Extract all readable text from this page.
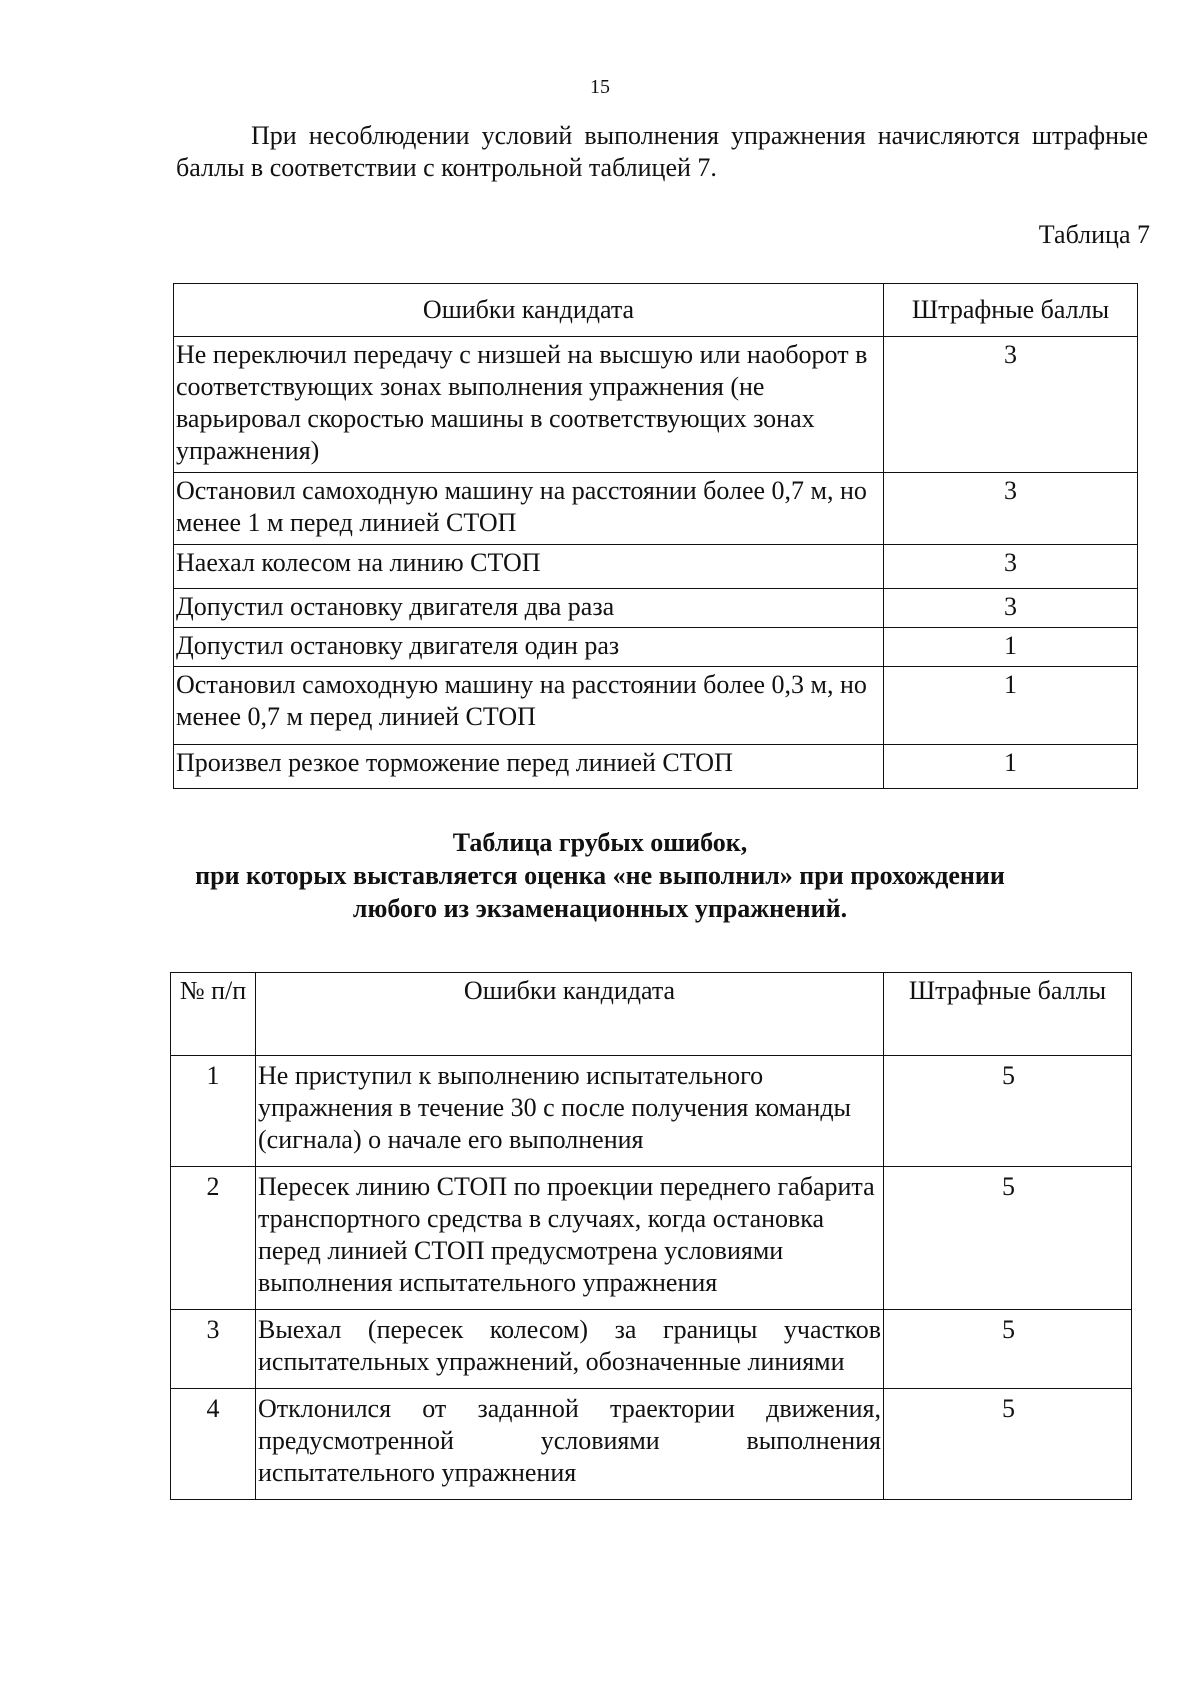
15

При несоблюдении условий выполнения упражнения начисляются штрафные баллы в соответствии с контрольной таблицей 7.

Таблица 7
Ошибки кандидата	Штрафные баллы
Не переключил передачу с низшей на высшую или наоборот в соответствующих зонах выполнения упражнения (не варьировал скоростью машины в соответствующих зонах упражнения)	3
Остановил самоходную машину на расстоянии более 0,7 м, но менее 1 м перед линией СТОП	3
Наехал колесом на линию СТОП	3
Допустил остановку двигателя два раза	3
Допустил остановку двигателя один раз	1
Остановил самоходную машину на расстоянии более 0,3 м, но менее 0,7 м перед линией СТОП	1
Произвел резкое торможение перед линией СТОП	1
Таблица грубых ошибок,
при которых выставляется оценка «не выполнил» при прохождении
любого из экзаменационных упражнений.
№ п/п	Ошибки кандидата	Штрафные баллы
1	Не приступил к выполнению испытательного упражнения в течение 30 с после получения команды (сигнала) о начале его выполнения	5
2	Пересек линию СТОП по проекции переднего габарита транспортного средства в случаях, когда остановка перед линией СТОП предусмотрена условиями выполнения испытательного упражнения	5
3	Выехал (пересек колесом) за границы участков испытательных упражнений, обозначенные линиями	5
4	Отклонился от заданной траектории движения, предусмотренной условиями выполнения испытательного упражнения	5
